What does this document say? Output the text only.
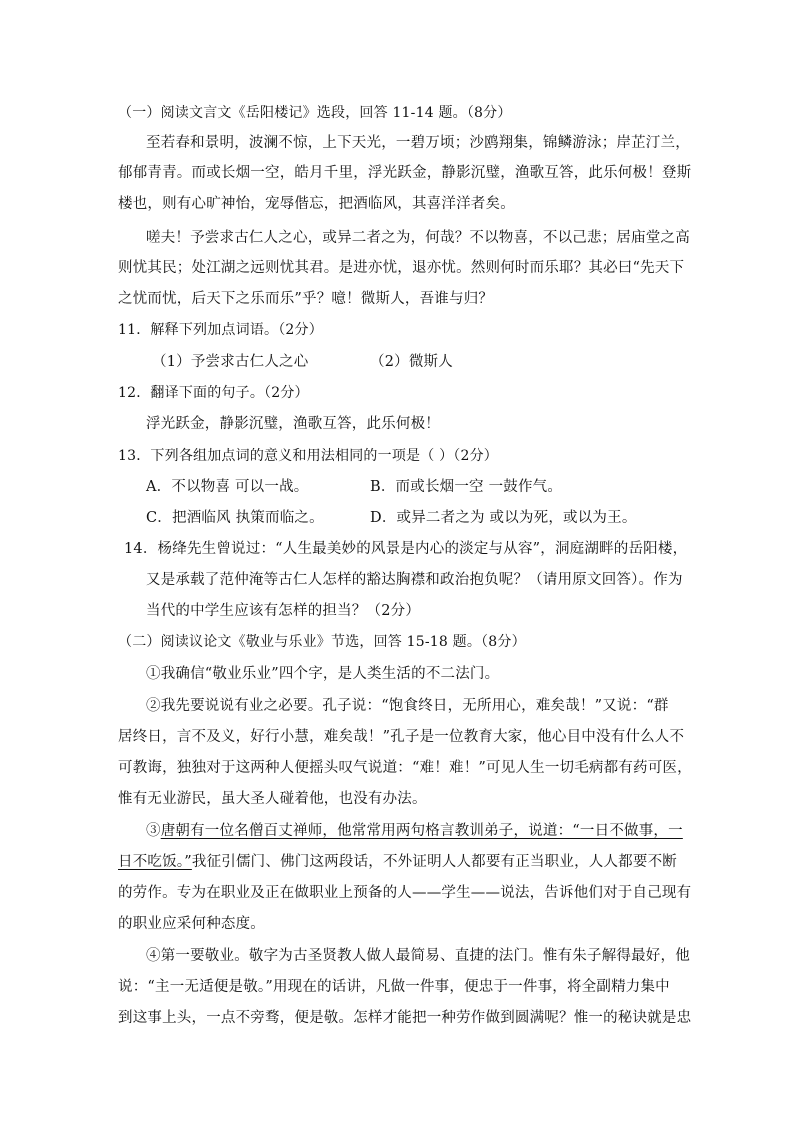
（一）阅读文言文《岳阳楼记》选段，回答 11-14 题。（8分）
至若春和景明，波澜不惊，上下天光，一碧万顷；沙鸥翔集，锦鳞游泳；岸芷汀兰，
郁郁青青。而或长烟一空，皓月千里，浮光跃金，静影沉璧，渔歌互答，此乐何极！登斯
楼也，则有心旷神怡，宠辱偕忘，把酒临风，其喜洋洋者矣。
嗟夫！予尝求古仁人之心，或异二者之为，何哉？不以物喜，不以己悲；居庙堂之高
则忧其民；处江湖之远则忧其君。是进亦忧，退亦忧。然则何时而乐耶？其必曰“先天下
之忧而忧，后天下之乐而乐”乎？噫！微斯人，吾谁与归？
11．解释下列加点词语。（2分）
（1）予尝求古仁人之心	（2）微斯人
12．翻译下面的句子。（2分）
浮光跃金，静影沉璧，渔歌互答，此乐何极！
13．下列各组加点词的意义和用法相同的一项是（ ）（2分）
A．不以物喜 可以一战。	B．而或长烟一空 一鼓作气。
C．把酒临风 执策而临之。	D．或异二者之为 或以为死，或以为王。
14．杨绛先生曾说过：“人生最美妙的风景是内心的淡定与从容”，洞庭湖畔的岳阳楼，
又是承载了范仲淹等古仁人怎样的豁达胸襟和政治抱负呢？（请用原文回答）。作为
当代的中学生应该有怎样的担当？（2分）
（二）阅读议论文《敬业与乐业》节选，回答 15-18 题。（8分）
①我确信“敬业乐业”四个字，是人类生活的不二法门。
②我先要说说有业之必要。孔子说：“饱食终日，无所用心，难矣哉！”又说：“群
居终日，言不及义，好行小慧，难矣哉！”孔子是一位教育大家，他心目中没有什么人不
可教诲，独独对于这两种人便摇头叹气说道：“难！难！”可见人生一切毛病都有药可医，
惟有无业游民，虽大圣人碰着他，也没有办法。
③唐朝有一位名僧百丈禅师，他常常用两句格言教训弟子，说道：“一日不做事，一
日不吃饭。”我征引儒门、佛门这两段话，不外证明人人都要有正当职业，人人都要不断
的劳作。专为在职业及正在做职业上预备的人——学生——说法，告诉他们对于自己现有
的职业应采何种态度。
④第一要敬业。敬字为古圣贤教人做人最简易、直捷的法门。惟有朱子解得最好，他
说：“主一无适便是敬。”用现在的话讲，凡做一件事，便忠于一件事，将全副精力集中
到这事上头，一点不旁骛，便是敬。怎样才能把一种劳作做到圆满呢？惟一的秘诀就是忠
